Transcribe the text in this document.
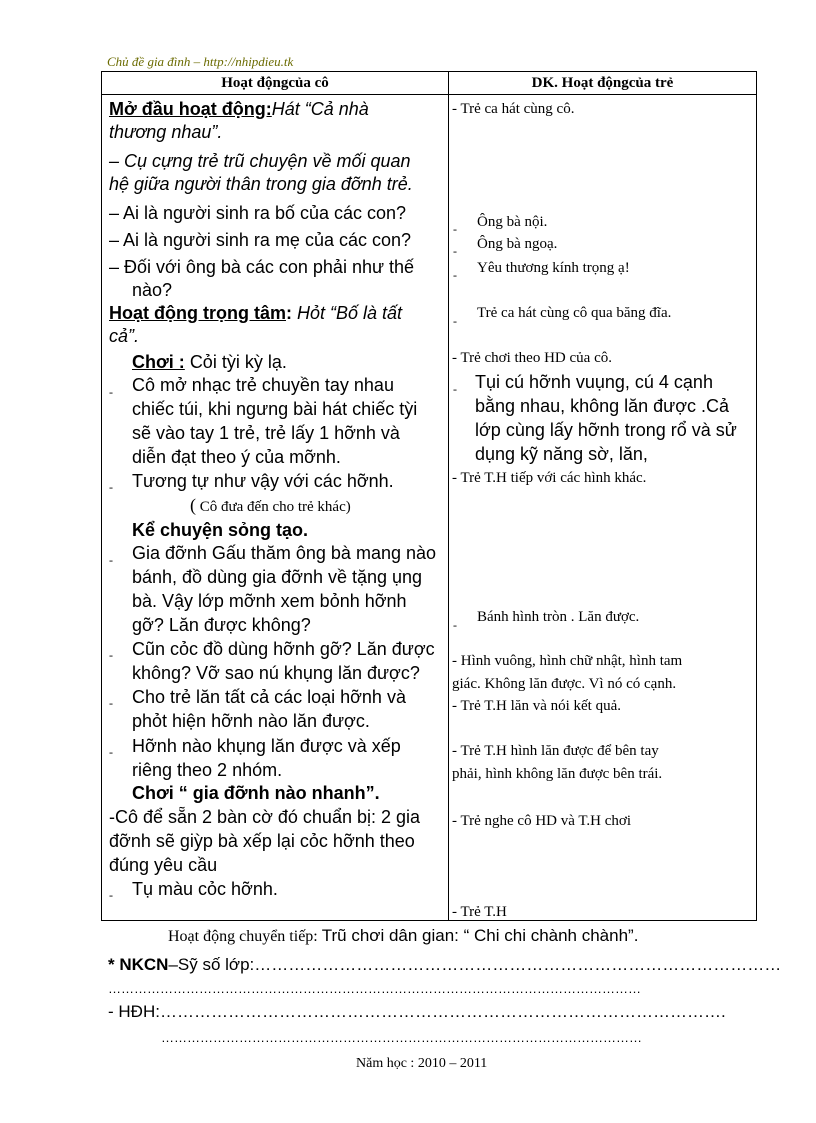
Chủ đề gia đình – http://nhipdieu.tk
Hoạt độngcủa cô	DK. Hoạt độngcủa trẻ
Mở đầu hoạt động:Hát “Cả nhà
thương nhau”.
– Cụ cựng trẻ trũ chuyện về mối quan
hệ giữa người thân trong gia đỡnh trẻ.
– Ai là người sinh ra bố của các con?
– Ai là người sinh ra mẹ của các con?
– Đối với ông bà các con phải như thế
nào?
Hoạt động trọng tâm: Hỏt “Bố là tất
cả”.
Chơi : Cỏi tỳi kỳ lạ.
- Cô mở nhạc trẻ chuyền tay nhau
chiếc túi, khi ngưng bài hát chiếc tỳi
sẽ vào tay 1 trẻ, trẻ lấy 1 hỡnh và
diễn đạt theo ý của mỡnh.
- Tương tự như vậy với các hỡnh.
( Cô đưa đến cho trẻ khác)
Kể chuyện sỏng tạo.
- Gia đỡnh Gấu thăm ông bà mang nào
bánh, đồ dùng gia đỡnh về tặng ụng
bà. Vậy lớp mỡnh xem bỏnh hỡnh
gỡ? Lăn được không?
- Cũn cỏc đồ dùng hỡnh gỡ? Lăn được
không? Vỡ sao nú khụng lăn được?
- Cho trẻ lăn tất cả các loại hỡnh và
phỏt hiện hỡnh nào lăn được.
- Hỡnh nào khụng lăn được và xếp
riêng theo 2 nhóm.
Chơi “ gia đỡnh nào nhanh”.
-Cô để sẵn 2 bàn cờ đó chuẩn bị: 2 gia
đỡnh sẽ giỳp bà xếp lại cỏc hỡnh theo
đúng yêu cầu
- Tụ màu cỏc hỡnh.
- Trẻ ca hát cùng cô.
- Ông bà nội.
- Ông bà ngoạ.
- Yêu thương kính trọng ạ!
- Trẻ ca hát cùng cô qua băng đĩa.
- Trẻ chơi theo HD của cô.
- Tụi cú hỡnh vuụng, cú 4 cạnh
bằng nhau, không lăn được .Cả
lớp cùng lấy hỡnh trong rổ và sử
dụng kỹ năng sờ, lăn,
- Trẻ T.H tiếp với các hình khác.
- Bánh hình tròn . Lăn được.
- Hình vuông, hình chữ nhật, hình tam
giác. Không lăn được. Vì nó có cạnh.
- Trẻ T.H lăn và nói kết quả.
- Trẻ T.H hình lăn được để bên tay
phải, hình không lăn được bên trái.
- Trẻ nghe cô HD và T.H chơi
- Trẻ T.H
Hoạt động chuyển tiếp: Trũ chơi dân gian: “ Chi chi chành chành”.
* NKCN–Sỹ số lớp:…………………………………………………………………………………
……………………………………………………………………………………………………………
- HĐH:……………………………………………………………………………………….
…………………………………………………………………………………………………
Năm học : 2010 – 2011
